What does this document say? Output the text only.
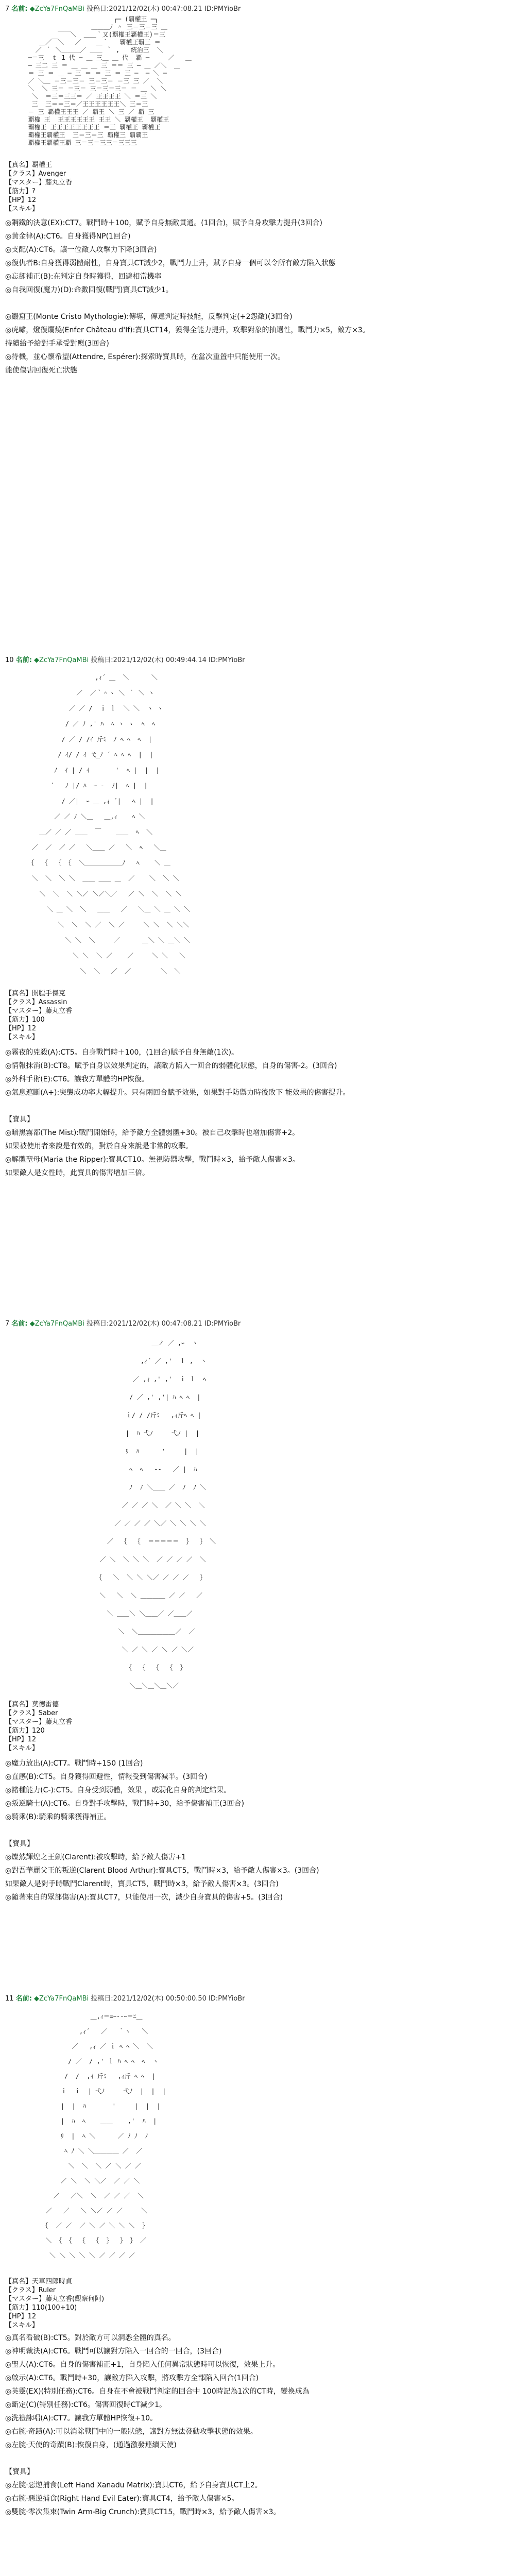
7 名前: ◆ZcYa7FnQaMBi 投稿日:2021/12/02(木) 00:47:08.21 ID:PMYioBr
┌─ (覇權王 ─┐
＿＿＿ﾉ ＾ 三＝三＝三 ＿
￣￣＼  ＿＿｀又(覇權王覇權王)＝三
＿／￣＼   ／    ＿｀   覇權王覇三 ＝
／ ｀ ＼＿＿＿／ ＿＿ ｀ ,   統治三  ＼
─＝三  ｔ 1 代 ─ ＿ 三＿ ＿ 代  覇 ─     ／   ＿
─ 三二 三 ＝ ＿ ＿ ＿ 三 ＝＝ 三 ─ ＿ ／＼  ＿
＝ 三 ＝ ＿ ─ 三 ＝ ＝ 三 ＝ 三 ─  ─ ＼ ─
／ ＼＿ ＝三＝三＝ 三＝三＝ ＝三 三 ／  ＼
＼  ＼ 三＝ ＝三＝ 三＝三＝三＝ ＝ ＿ ＼ ＼
＼  ＝三＝三三＝ ／ 王王王王 ＼ ＝三 ＼
三  三＝＝三＝／王王王王王王＼ 三＝三
＝ 三 覇權王王王 ／ 覇王 ＼ 三 ／ 覇 三
覇權 王  王王王王王王 王王 ＼ 覇權王  覇權王
覇權王 王王王王王王王王 ＝三 覇權王 覇權王
覇權王覇權王  三＝三＝三 覇權三 覇覇王
覇權王覇權王覇 三＝三＝三三＝三三三
【真名】覇權王
【クラス】Avenger
【マスター】藤丸立香
【筋力】?
【HP】12
【スキル】

◎鋼鐵的決意(EX):CT7。戰鬥時＋100，賦予自身無敵貫通。(1回合)，賦予自身攻擊力提升(3回合)

◎黃金律(A):CT6。自身獲得NP(1回合)

◎支配(A):CT6。讓一位敵人攻擊力下降(3回合)

◎復仇者B:自身獲得弱體耐性，自身寶具CT減少2，戰鬥力上升，賦予自身一個可以令所有敵方陷入狀態

◎忘卻補正(B):在判定自身時獲得，回避相當機率

◎自我回復(魔力)(D):命數回復(戰鬥)寶具CT減少1。

◎巖窟王(Monte Cristo Mythologie):傳導，傳達判定時技能，反擊判定(+2怨敵)(3回合)

◎虎嘯，燈復爛燒(Enfer Château d'If):寶具CT14，獲得全能力提升，攻擊對象的抽選性，戰鬥力×5，敵方×3。

持續給予給對手承受對應(3回合)

◎待機，並心懷希望(Attendre, Espérer):探索時寶具時，在當次重置中只能使用一次。

能使傷害回復死亡狀態

10 名前: ◆ZcYa7FnQaMBi 投稿日:2021/12/02(木) 00:49:44.14 ID:PMYioBr
,ｨ´ ＿  ＼      ＼
／  ／｀＾ヽ ＼ ｀ ＼ ヽ
／ ／ /  ｉ ｌ  ＼ ＼  ヽ ヽ
/ ／ ﾉ ,' ﾊ  ﾍ ヽ ヽ  ﾍ  ﾍ
/ ／ / /ｲ 斤ﾐ  ﾉ ﾍ ﾍ  ﾍ  |
/ ｲ/ / ｲ 弋_ﾉ ´ ﾍ ﾍ ﾍ  |  |
ﾉ  ｲ | / ｲ       '  ﾍ |  |  |
´   ﾉ |/ ﾊ  ｰ ‐  ﾉ|  ﾍ |  |
/ ／|  ｰ ＿ ,ｨ ´|   ﾍ |  |
／ ／ ﾉ ＼＿   ＿,ｨ    ﾍ ＼
＿／ ／ ／ ＿＿  ￣    ＿＿  ﾍ  ＼
／  ／  ／ ／   ＼＿＿ ／   ＼  ﾍ   ＼＿
｛  ｛  ｛ ｛  ＼＿＿＿＿＿＿ﾉ   ﾍ    ＼ ＿
＼  ＼  ＼ ＼  ＿＿ ＿＿ ＿  ／    ＼  ＼ ＼
＼  ＼  ＼ ＼／ ＼／＼／   ／ ＼  ＼  ＼ ＼
＼ ＿ ＼  ＼   ＿＿   ／   ＼＿ ＼ ＿ ＼ ＼
＼  ＼  ＼ ／  ＼ ／     ＼ ＼  ＼ ＼＼
＼ ＼  ＼     ／      ＿＼ ＼ ＿＼ ＼
＼ ＼  ＼ ／    ／     ＼ ＼   ＼
＼  ＼   ／  ／        ＼  ＼
【真名】開膛手傑克
【クラス】Assassin
【マスター】藤丸立香
【筋力】100
【HP】12
【スキル】

◎霧夜的兇殺(A):CT5。自身戰鬥時＋100，(1回合)賦予自身無敵(1次)。

◎情報抹消(B):CT8。賦予自身以效果判定的，讓敵方陷入一回合的弱體化狀態，自身的傷害-2。(3回合)

◎外科手術(E):CT6。讓我方單體的HP恢復。

◎氣息遮斷(A+):突襲成功率大幅提升。只有兩回合賦予效果，如果對手防禦力時後敗下 能效果的傷害提升。

【寶具】

◎暗黑霧都(The Mist):戰鬥開始時，給予敵方全體弱體+30。被自己攻擊時也增加傷害+2。

如果被使用者來說是有效的，對於自身來說是非常的攻擊。

◎解體聖母(Maria the Ripper):寶具CT10。無視防禦攻擊，戰鬥時×3，給予敵人傷害×3。

如果敵人是女性時，此寶具的傷害增加三倍。

7 名前: ◆ZcYa7FnQaMBi 投稿日:2021/12/02(木) 00:47:08.21 ID:PMYioBr
＿ノ ／ ,ｰ  ヽ
,ｨ´ ／ ,'  ｌ ,  ヽ
／ ,ｨ ,' ,'  ｉ ｌ  ﾍ
/ ／ ,' ,'| ﾊ ﾍ ﾍ  |
ｉ/ / /斤ﾐ   ,ｨ斤ﾍ ﾍ |
|  ﾊ 弋ﾉ     弋ﾉ |  |
ﾘ  ﾊ      '     |  |
ﾍ  ﾍ   ‐‐   ／ |  ﾊ
ﾉ  ﾉ ＼＿＿ ／  ﾉ  ﾉ ＼
／ ／ ／ ＼  ／ ＼ ＼  ＼
／ ／ ／ ／ ＼／ ＼ ＼ ＼ ＼
／  ｛  ｛  ＝＝＝＝＝  ｝  ｝ ＼
／ ＼  ＼ ＼ ＼  ／ ／ ／ ／  ＼
｛   ＼  ＼ ＼ ＼／ ／ ／ ／   ｝
＼   ＼  ＼ ＿＿＿＿ ／ ／   ／
＼ ＿＿＼ ＼＿＿／ ／＿＿／
＼  ＼＿＿＿＿＿＿／  ／
＼ ／ ＼ ／ ＼ ／ ＼／
｛  ｛  ｛  ｛  ｝
＼＿＼＿＼＿＼／
【真名】莫德雷德
【クラス】Saber
【マスター】藤丸立香
【筋力】120
【HP】12
【スキル】

◎魔力放出(A):CT7。戰鬥時+150 (1回合)

◎直感(B):CT5。自身獲得回避性，情報受到傷害減半。(3回合)

◎諸種能力(C-):CT5。自身受到弱體，效果 ，或弱化自身的判定結果。

◎叛逆騎士(A):CT6。自身對手攻擊時，戰鬥時+30，給予傷害補正(3回合)

◎騎乘(B):騎乘的騎乘獲得補正。

【寶具】

◎燦然輝煌之王劍(Clarent):被攻擊時，給予敵人傷害+1

◎對吾華麗父王的叛逆(Clarent Blood Arthur):寶具CT5，戰鬥時×3，給予敵人傷害×3。(3回合)

如果敵人是對手時戰鬥Clarent時，寶具CT5，戰鬥時×3，給予敵人傷害×3。(3回合)

◎隨著來自的眾部傷害(A):寶具CT7，只能使用一次，減少自身寶具的傷害+5。(3回合)

11 名前: ◆ZcYa7FnQaMBi 投稿日:2021/12/02(木) 00:50:00.50 ID:PMYioBr
＿,ｨ＝=ｰ‐-ｰ＝ﾆ＿
,ｨ´   ／   ｀ヽ   ＼
／   ,ｨ ／ ｉ ﾍ ﾍ ＼  ＼
/ ／  / ,' ｌ ﾊ ﾍ ﾍ  ﾍ  ヽ
/  /  ,ｲ 斤ﾐ   ,ｨ斤 ﾍ ﾍ  |
ｉ  ｉ  | 弋ﾉ     弋ﾉ  |  |  |
|  |  ﾊ       '     |  |  |
|  ﾊ  ﾍ    ＿＿    ,'  ﾊ  |
ﾘ  |  ﾍ ＼      ／ ﾉ ﾉ  ﾉ
ﾍ ﾉ ＼ ＼＿＿＿＿ ／  ／
＼  ＼  ＼ ／ ＼ ／ ／
／ ＼  ＼ ＼／  ／ ／ ＼
／   ／＼  ＼  ／ ／ ／  ＼
／   ／   ＼ ＼／ ／ ／     ＼
｛  ／ ／  ／ ＼ ／ ＼ ＼ ＼  ｝
＼ ｛ ｛  ｛  ｛  ｝  ｝ ｝ ／
＼ ＼ ＼ ＼ ＼ ／ ／ ／ ／
【真名】天草四郎時貞
【クラス】Ruler
【マスター】藤丸立香(觀察何阿)
【筋力】110(100+10)
【HP】12
【スキル】

◎真名看破(B):CT5。對於敵方可以洞悉全體的真名。

◎神明裁決(A):CT6。戰鬥可以讓對方陷入一回合的一回合，(3回合)

◎聖人(A):CT6。自身的傷害補正+1，自身陷入任何異常狀態時可以恢復，效果上升。

◎啟示(A):CT6。戰鬥時+30，讓敵方陷入攻擊，將攻擊方全部陷入回合(1回合)

◎英靈(EX)(特別任務):CT6。自身在不會被戰鬥判定的回合中 100時記為1次的CT時，變換成為

◎斷定(C)(特別任務):CT6。傷害回復時CT減少1。

◎洗禮詠唱(A):CT7。讓我方單體HP恢復+10。

◎右腕·奇蹟(A):可以消除戰鬥中的一般狀態，讓對方無法發動攻擊狀態的效果。

◎左腕·天使的奇蹟(B):恢復自身，(通過激發連續天使)

【寶具】

◎左腕·惡逆捕食(Left Hand Xanadu Matrix):寶具CT6，給予自身寶具CT上2。

◎右腕·惡逆捕食(Right Hand Evil Eater):寶具CT4，給予敵人傷害×5。

◎雙腕·零次集束(Twin Arm-Big Crunch):寶具CT15，戰鬥時×3，給予敵人傷害×3。
